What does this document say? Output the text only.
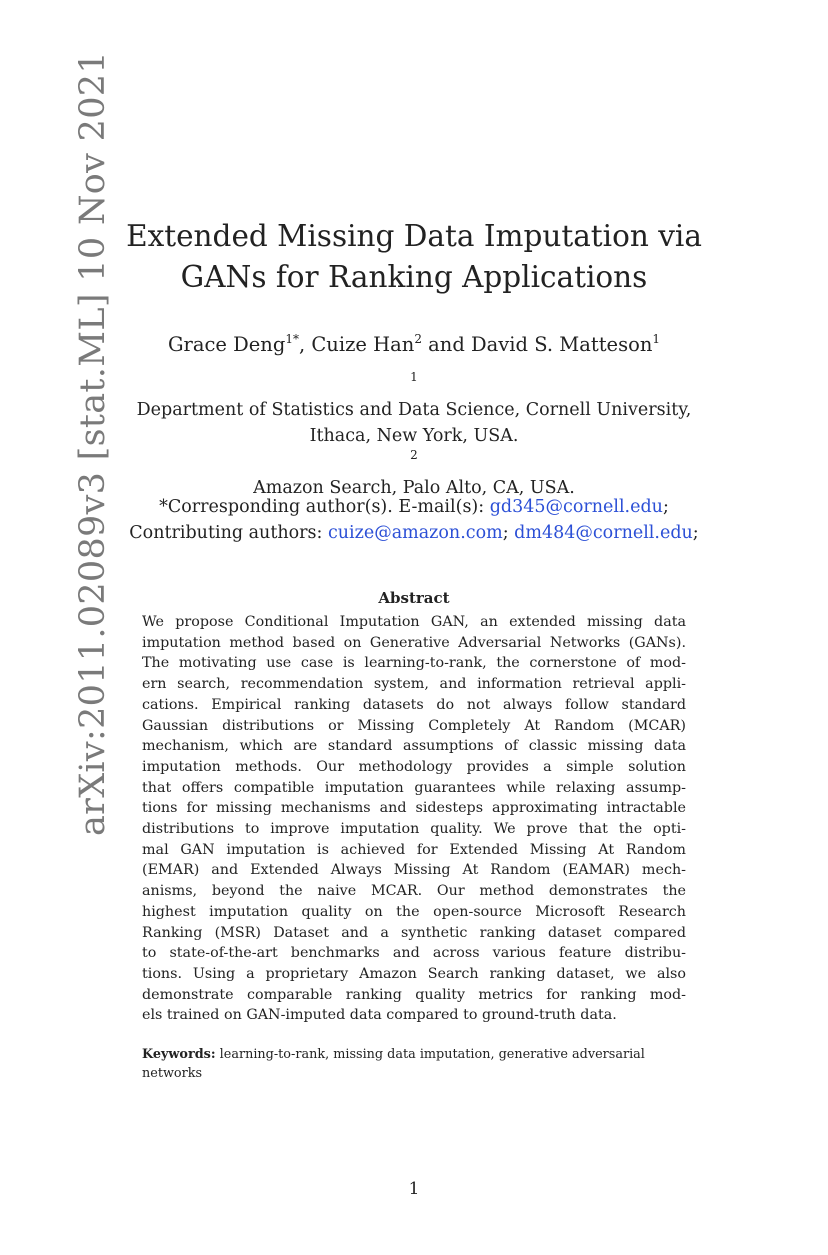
arXiv:2011.02089v3 [stat.ML] 10 Nov 2021 Extended Missing Data Imputation via
GANs for Ranking Applications
Grace Deng$^{1*}$, Cuize Han$^2$ and David S. Matteson$^1$
$^1$
Department of Statistics and Data Science, Cornell University,
Ithaca, New York, USA.
$^2$
Amazon Search, Palo Alto, CA, USA.
*Corresponding author(s). E-mail(s): gd345@cornell.edu;
Contributing authors: cuize@amazon.com; dm484@cornell.edu;
Abstract
We propose Conditional Imputation GAN, an extended missing data
imputation method based on Generative Adversarial Networks (GANs).
The motivating use case is learning-to-rank, the cornerstone of mod-
ern search, recommendation system, and information retrieval appli-
cations. Empirical ranking datasets do not always follow standard
Gaussian distributions or Missing Completely At Random (MCAR)
mechanism, which are standard assumptions of classic missing data
imputation methods. Our methodology provides a simple solution
that offers compatible imputation guarantees while relaxing assump-
tions for missing mechanisms and sidesteps approximating intractable
distributions to improve imputation quality. We prove that the opti-
mal GAN imputation is achieved for Extended Missing At Random
(EMAR) and Extended Always Missing At Random (EAMAR) mech-
anisms, beyond the naive MCAR. Our method demonstrates the
highest imputation quality on the open-source Microsoft Research
Ranking (MSR) Dataset and a synthetic ranking dataset compared
to state-of-the-art benchmarks and across various feature distribu-
tions. Using a proprietary Amazon Search ranking dataset, we also
demonstrate comparable ranking quality metrics for ranking mod-
els trained on GAN-imputed data compared to ground-truth data.
Keywords: learning-to-rank, missing data imputation, generative adversarial
networks
1
